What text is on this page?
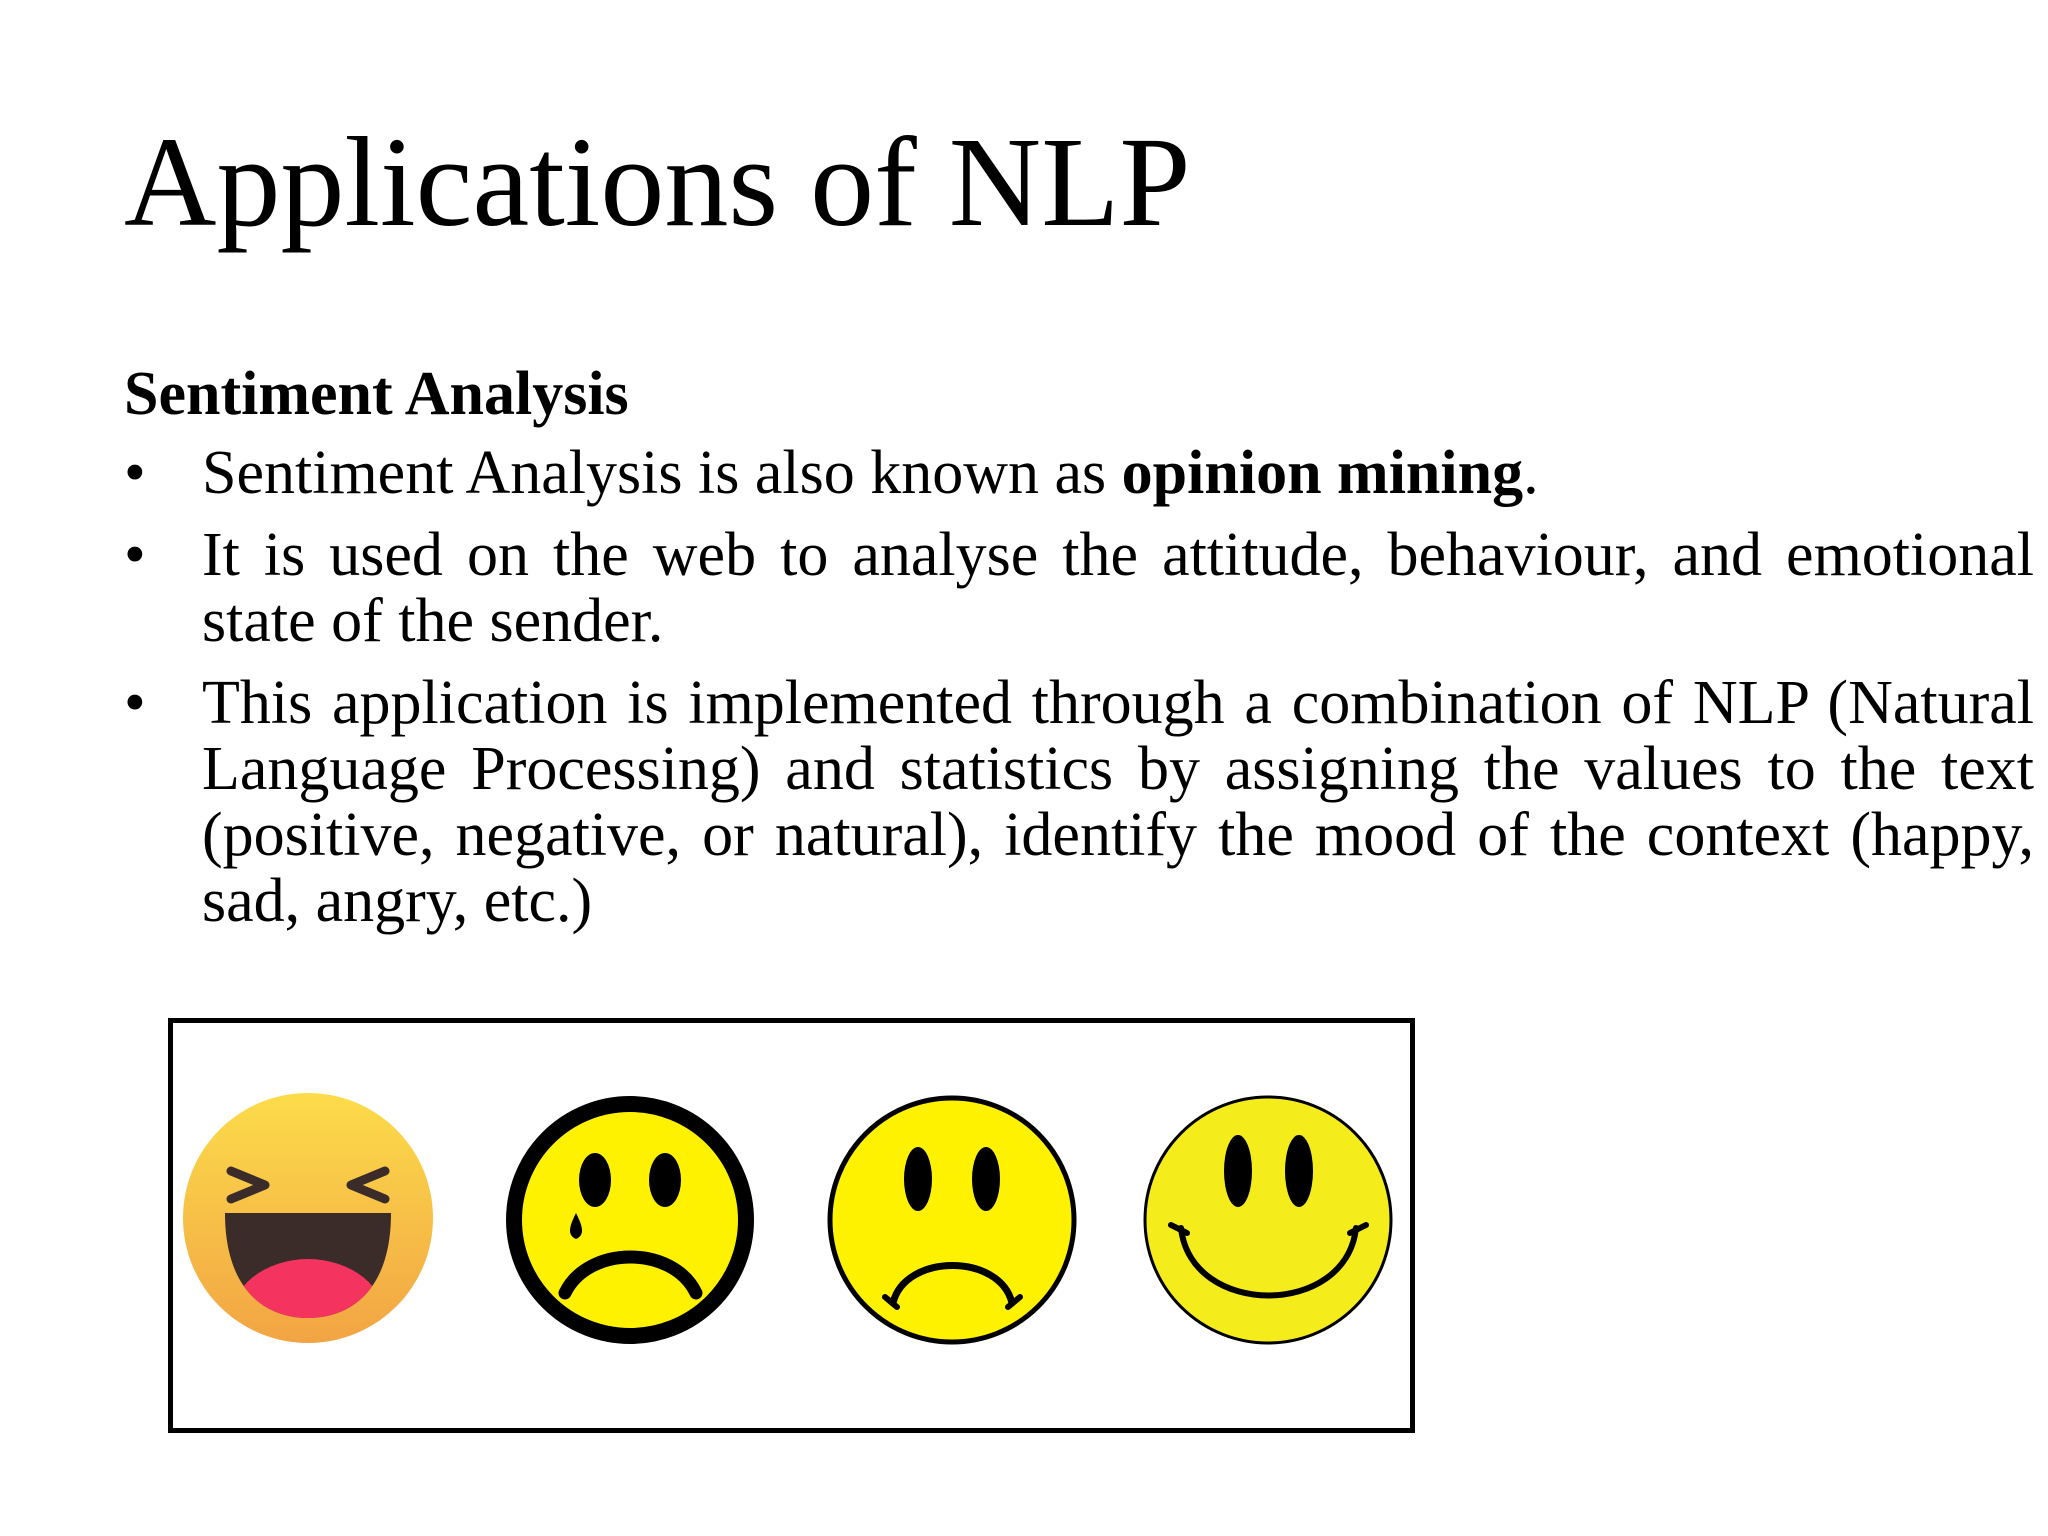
Applications of NLP
Sentiment Analysis
• Sentiment Analysis is also known as opinion mining.
• It is used on the web to analyse the attitude, behaviour, and emotional state of the sender.
• This application is implemented through a combination of NLP (Natural Language Processing) and statistics by assigning the values to the text (positive, negative, or natural), identify the mood of the context (happy, sad, angry, etc.)
